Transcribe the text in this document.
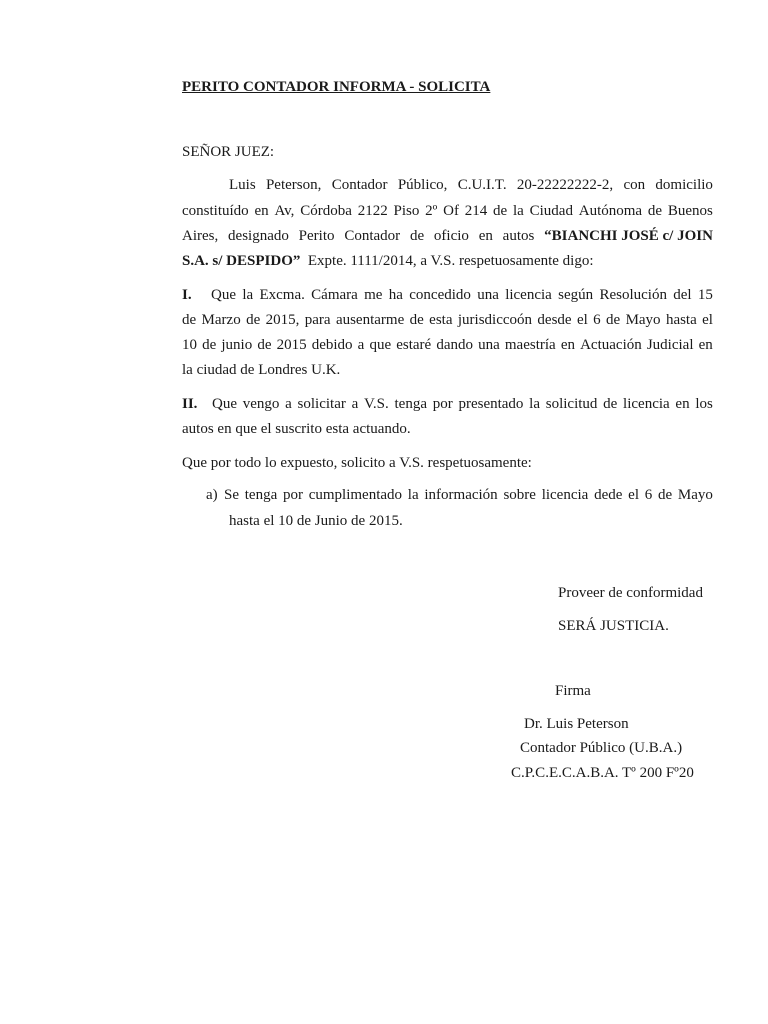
PERITO CONTADOR INFORMA - SOLICITA
SEÑOR JUEZ:
Luis Peterson, Contador Público, C.U.I.T. 20-22222222-2, con domicilio
constituído en Av, Córdoba 2122 Piso 2º Of 214 de la Ciudad Autónoma de Buenos
Aires, designado Perito Contador de oficio en autos “BIANCHI JOSÉ c/ JOIN
S.A. s/ DESPIDO”  Expte. 1111/2014, a V.S. respetuosamente digo:
I. Que la Excma. Cámara me ha concedido una licencia según Resolución del 15
de Marzo de 2015, para ausentarme de esta jurisdiccoón desde el 6 de Mayo hasta el
10 de junio de 2015 debido a que estaré dando una maestría en Actuación Judicial en
la ciudad de Londres U.K.
II. Que vengo a solicitar a V.S. tenga por presentado la solicitud de licencia en los
autos en que el suscrito esta actuando.
Que por todo lo expuesto, solicito a V.S. respetuosamente:
a) Se tenga por cumplimentado la información sobre licencia dede el 6 de Mayo
hasta el 10 de Junio de 2015.
Proveer de conformidad
SERÁ JUSTICIA.
Firma
Dr. Luis Peterson
Contador Público (U.B.A.)
C.P.C.E.C.A.B.A. Tº 200 Fº20
